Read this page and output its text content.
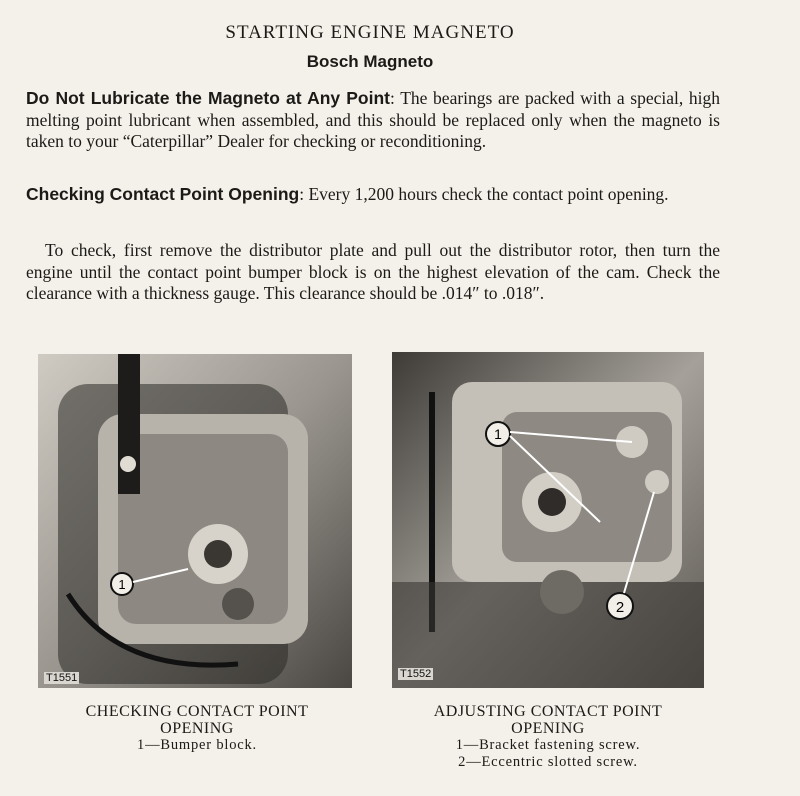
STARTING ENGINE MAGNETO
Bosch Magneto
Do Not Lubricate the Magneto at Any Point: The bearings are packed with a special, high melting point lubricant when assembled, and this should be replaced only when the magneto is taken to your “Caterpillar” Dealer for checking or reconditioning.
Checking Contact Point Opening: Every 1,200 hours check the contact point opening.
To check, first remove the distributor plate and pull out the distributor rotor, then turn the engine until the contact point bumper block is on the highest elevation of the cam. Check the clearance with a thickness gauge. This clearance should be .014″ to .018″.
1
T1551
CHECKING CONTACT POINT
OPENING
1—Bumper block.
1
2
T1552
ADJUSTING CONTACT POINT
OPENING
1—Bracket fastening screw.
2—Eccentric slotted screw.
